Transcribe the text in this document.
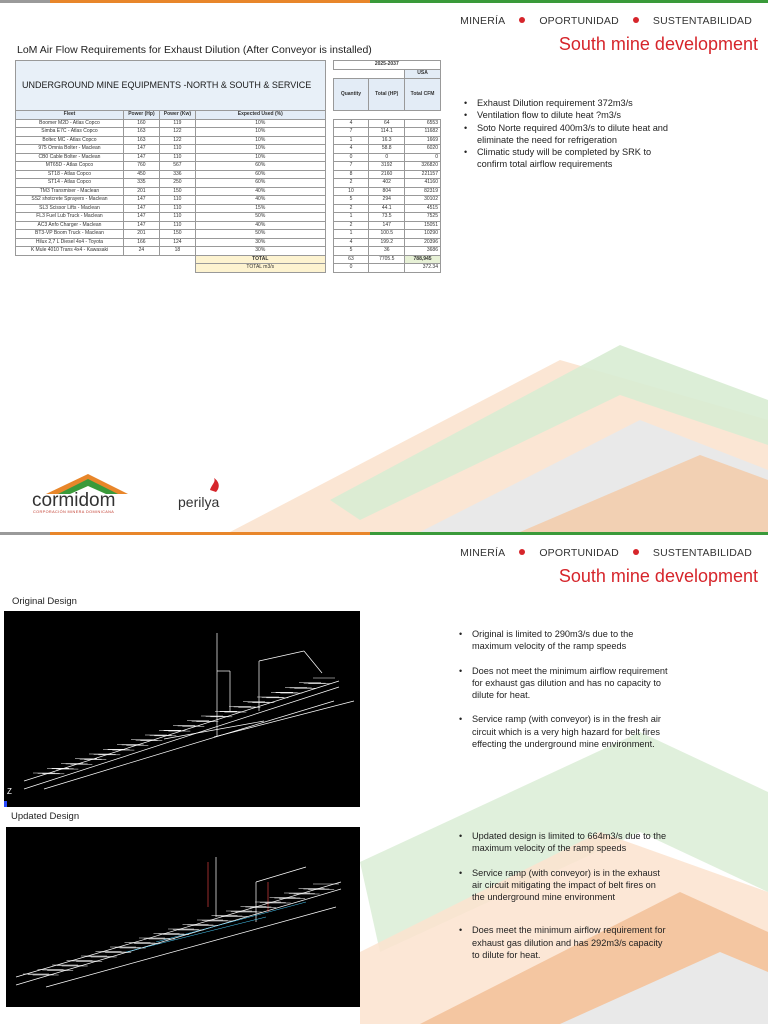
MINERÍA	OPORTUNIDAD	SUSTENTABILIDAD
South mine development
LoM Air Flow Requirements for Exhaust Dilution (After Conveyor is installed)
UNDERGROUND MINE EQUIPMENTS -NORTH & SOUTH & SERVICE					2025-2037		
							USA
					Quantity	Total (HP)	Total CFM
Fleet	Power (Hp)	Power (Kw)	Expected Used (%)				
Boomer M2D - Atlas Copco	160	119	10%		4	64	6553
Simba E7C - Atlas Copco	163	122	10%		7	114.1	11682
Boltec MC - Atlas Copco	163	122	10%		1	16.3	1669
975 Omnia Bolter - Maclean	147	110	10%		4	58.8	6020
CB0 Cable Bolter - Maclean	147	110	10%		0	0	0
MT65D - Atlas Copco	760	567	60%		7	3192	326820
ST18 - Atlas Copco	450	336	60%		8	2160	221157
ST14 - Atlas Copco	335	250	60%		2	402	41160
TM3 Transmixer - Maclean	201	150	40%		10	804	82319
SS2 shotcrete Sprayers - Maclean	147	110	40%		5	294	30102
SL3 Scissor Lifts - Maclean	147	110	15%		2	44.1	4515
FL3 Fuel Lub Truck - Maclean	147	110	50%		1	73.5	7525
AC3 Anfo Charger - Maclean	147	110	40%		2	147	15051
BT3-VP Boom Truck - Maclean	201	150	50%		1	100.5	10290
Hilux 2,7 L Diesel 4x4 - Toyota	166	124	30%		4	199.2	20396
K Mule 4010 Trans 4x4 - Kawasaki	24	18	30%		5	36	3686
			TOTAL		63	7705.5	788,945
			TOTAL m3/s		0		372.34
• Exhaust Dilution requirement 372m3/s
• Ventilation flow to dilute heat ?m3/s
• Soto Norte required 400m3/s to dilute heat and eliminate the need for refrigeration
• Climatic study will be completed by SRK to confirm total airflow requirements
cormidom
CORPORACIÓN MINERA DOMINICANA
perilya
MINERÍA	OPORTUNIDAD	SUSTENTABILIDAD
South mine development
Original Design
Z
• Original is limited to 290m3/s due to the maximum velocity of the ramp speeds
• Does not meet the minimum airflow requirement for exhaust gas dilution and has no capacity to dilute for heat.
• Service ramp (with conveyor) is in the fresh air circuit which is a very high hazard for belt fires effecting the underground mine environment.
Updated Design
• Updated design is limited to 664m3/s due to the maximum velocity of the ramp speeds
• Service ramp (with conveyor) is in the exhaust air circuit mitigating the impact of belt fires on the underground mine environment
• Does meet the minimum airflow requirement for exhaust gas dilution and has 292m3/s capacity to dilute for heat.
